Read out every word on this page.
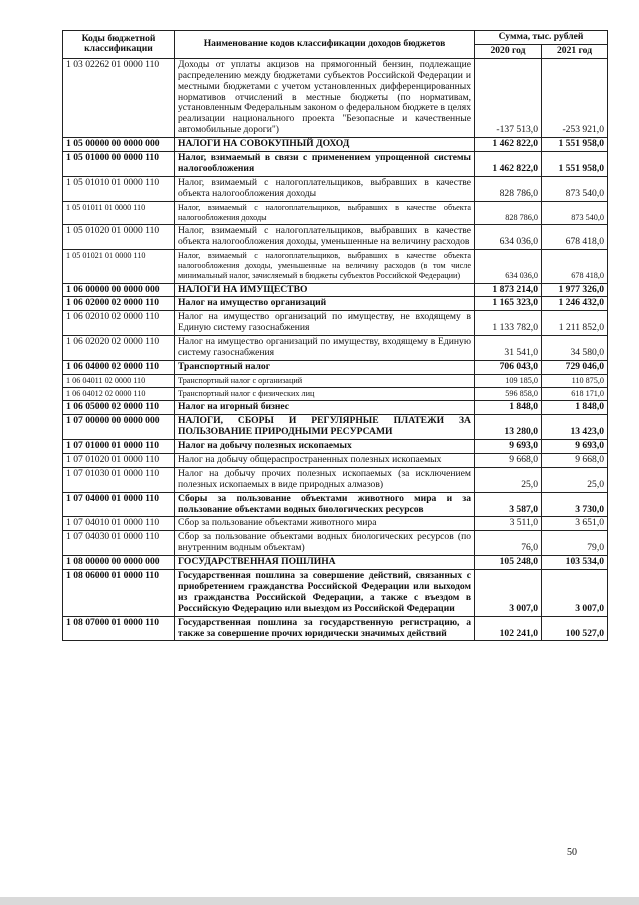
Коды бюджетной классификации	Наименование кодов классификации доходов бюджетов	Сумма, тыс. рублей	
		2020 год	2021 год
1 03 02262 01 0000 110	Доходы от уплаты акцизов на прямогонный бензин, подлежащие распределению между бюджетами субъектов Российской Федерации и местными бюджетами с учетом установленных дифференцированных нормативов отчислений в местные бюджеты (по нормативам, установленным Федеральным законом о федеральном бюджете в целях реализации национального проекта "Безопасные и качественные автомобильные дороги")	-137 513,0	-253 921,0
1 05 00000 00 0000 000	НАЛОГИ НА СОВОКУПНЫЙ ДОХОД	1 462 822,0	1 551 958,0
1 05 01000 00 0000 110	Налог, взимаемый в связи с применением упрощенной системы налогообложения	1 462 822,0	1 551 958,0
1 05 01010 01 0000 110	Налог, взимаемый с налогоплательщиков, выбравших в качестве объекта налогообложения доходы	828 786,0	873 540,0
1 05 01011 01 0000 110	Налог, взимаемый с налогоплательщиков, выбравших в качестве объекта налогообложения доходы	828 786,0	873 540,0
1 05 01020 01 0000 110	Налог, взимаемый с налогоплательщиков, выбравших в качестве объекта налогообложения доходы, уменьшенные на величину расходов	634 036,0	678 418,0
1 05 01021 01 0000 110	Налог, взимаемый с налогоплательщиков, выбравших в качестве объекта налогообложения доходы, уменьшенные на величину расходов (в том числе минимальный налог, зачисляемый в бюджеты субъектов Российской Федерации)	634 036,0	678 418,0
1 06 00000 00 0000 000	НАЛОГИ НА ИМУЩЕСТВО	1 873 214,0	1 977 326,0
1 06 02000 02 0000 110	Налог на имущество организаций	1 165 323,0	1 246 432,0
1 06 02010 02 0000 110	Налог на имущество организаций по имуществу, не входящему в Единую систему газоснабжения	1 133 782,0	1 211 852,0
1 06 02020 02 0000 110	Налог на имущество организаций по имуществу, входящему в Единую систему газоснабжения	31 541,0	34 580,0
1 06 04000 02 0000 110	Транспортный налог	706 043,0	729 046,0
1 06 04011 02 0000 110	Транспортный налог с организаций	109 185,0	110 875,0
1 06 04012 02 0000 110	Транспортный налог с физических лиц	596 858,0	618 171,0
1 06 05000 02 0000 110	Налог на игорный бизнес	1 848,0	1 848,0
1 07 00000 00 0000 000	НАЛОГИ, СБОРЫ И РЕГУЛЯРНЫЕ ПЛАТЕЖИ ЗА ПОЛЬЗОВАНИЕ ПРИРОДНЫМИ РЕСУРСАМИ	13 280,0	13 423,0
1 07 01000 01 0000 110	Налог на добычу полезных ископаемых	9 693,0	9 693,0
1 07 01020 01 0000 110	Налог на добычу общераспространенных полезных ископаемых	9 668,0	9 668,0
1 07 01030 01 0000 110	Налог на добычу прочих полезных ископаемых (за исключением полезных ископаемых в виде природных алмазов)	25,0	25,0
1 07 04000 01 0000 110	Сборы за пользование объектами животного мира и за пользование объектами водных биологических ресурсов	3 587,0	3 730,0
1 07 04010 01 0000 110	Сбор за пользование объектами животного мира	3 511,0	3 651,0
1 07 04030 01 0000 110	Сбор за пользование объектами водных биологических ресурсов (по внутренним водным объектам)	76,0	79,0
1 08 00000 00 0000 000	ГОСУДАРСТВЕННАЯ ПОШЛИНА	105 248,0	103 534,0
1 08 06000 01 0000 110	Государственная пошлина за совершение действий, связанных с приобретением гражданства Российской Федерации или выходом из гражданства Российской Федерации, а также с въездом в Российскую Федерацию или выездом из Российской Федерации	3 007,0	3 007,0
1 08 07000 01 0000 110	Государственная пошлина за государственную регистрацию, а также за совершение прочих юридически значимых действий	102 241,0	100 527,0
50
